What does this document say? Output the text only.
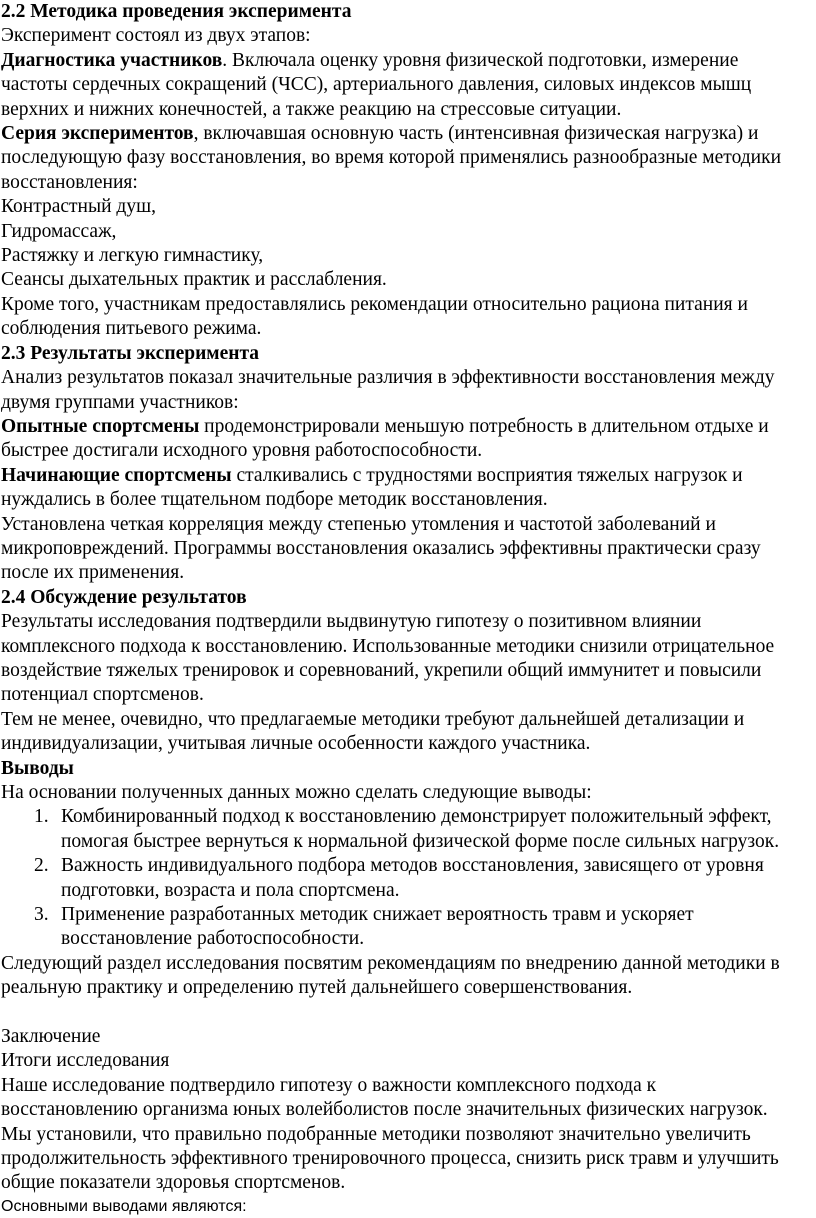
2.2 Методика проведения эксперимента
Эксперимент состоял из двух этапов:
Диагностика участников. Включала оценку уровня физической подготовки, измерение
частоты сердечных сокращений (ЧСС), артериального давления, силовых индексов мышц
верхних и нижних конечностей, а также реакцию на стрессовые ситуации.
Серия экспериментов, включавшая основную часть (интенсивная физическая нагрузка) и
последующую фазу восстановления, во время которой применялись разнообразные методики
восстановления:
Контрастный душ,
Гидромассаж,
Растяжку и легкую гимнастику,
Сеансы дыхательных практик и расслабления.
Кроме того, участникам предоставлялись рекомендации относительно рациона питания и
соблюдения питьевого режима.
2.3 Результаты эксперимента
Анализ результатов показал значительные различия в эффективности восстановления между
двумя группами участников:
Опытные спортсмены продемонстрировали меньшую потребность в длительном отдыхе и
быстрее достигали исходного уровня работоспособности.
Начинающие спортсмены сталкивались с трудностями восприятия тяжелых нагрузок и
нуждались в более тщательном подборе методик восстановления.
Установлена четкая корреляция между степенью утомления и частотой заболеваний и
микроповреждений. Программы восстановления оказались эффективны практически сразу
после их применения.
2.4 Обсуждение результатов
Результаты исследования подтвердили выдвинутую гипотезу о позитивном влиянии
комплексного подхода к восстановлению. Использованные методики снизили отрицательное
воздействие тяжелых тренировок и соревнований, укрепили общий иммунитет и повысили
потенциал спортсменов.
Тем не менее, очевидно, что предлагаемые методики требуют дальнейшей детализации и
индивидуализации, учитывая личные особенности каждого участника.
Выводы
На основании полученных данных можно сделать следующие выводы:
1. Комбинированный подход к восстановлению демонстрирует положительный эффект,
помогая быстрее вернуться к нормальной физической форме после сильных нагрузок.
2. Важность индивидуального подбора методов восстановления, зависящего от уровня
подготовки, возраста и пола спортсмена.
3. Применение разработанных методик снижает вероятность травм и ускоряет
восстановление работоспособности.
Следующий раздел исследования посвятим рекомендациям по внедрению данной методики в
реальную практику и определению путей дальнейшего совершенствования.
Заключение
Итоги исследования
Наше исследование подтвердило гипотезу о важности комплексного подхода к
восстановлению организма юных волейболистов после значительных физических нагрузок.
Мы установили, что правильно подобранные методики позволяют значительно увеличить
продолжительность эффективного тренировочного процесса, снизить риск травм и улучшить
общие показатели здоровья спортсменов.
Основными выводами являются:
